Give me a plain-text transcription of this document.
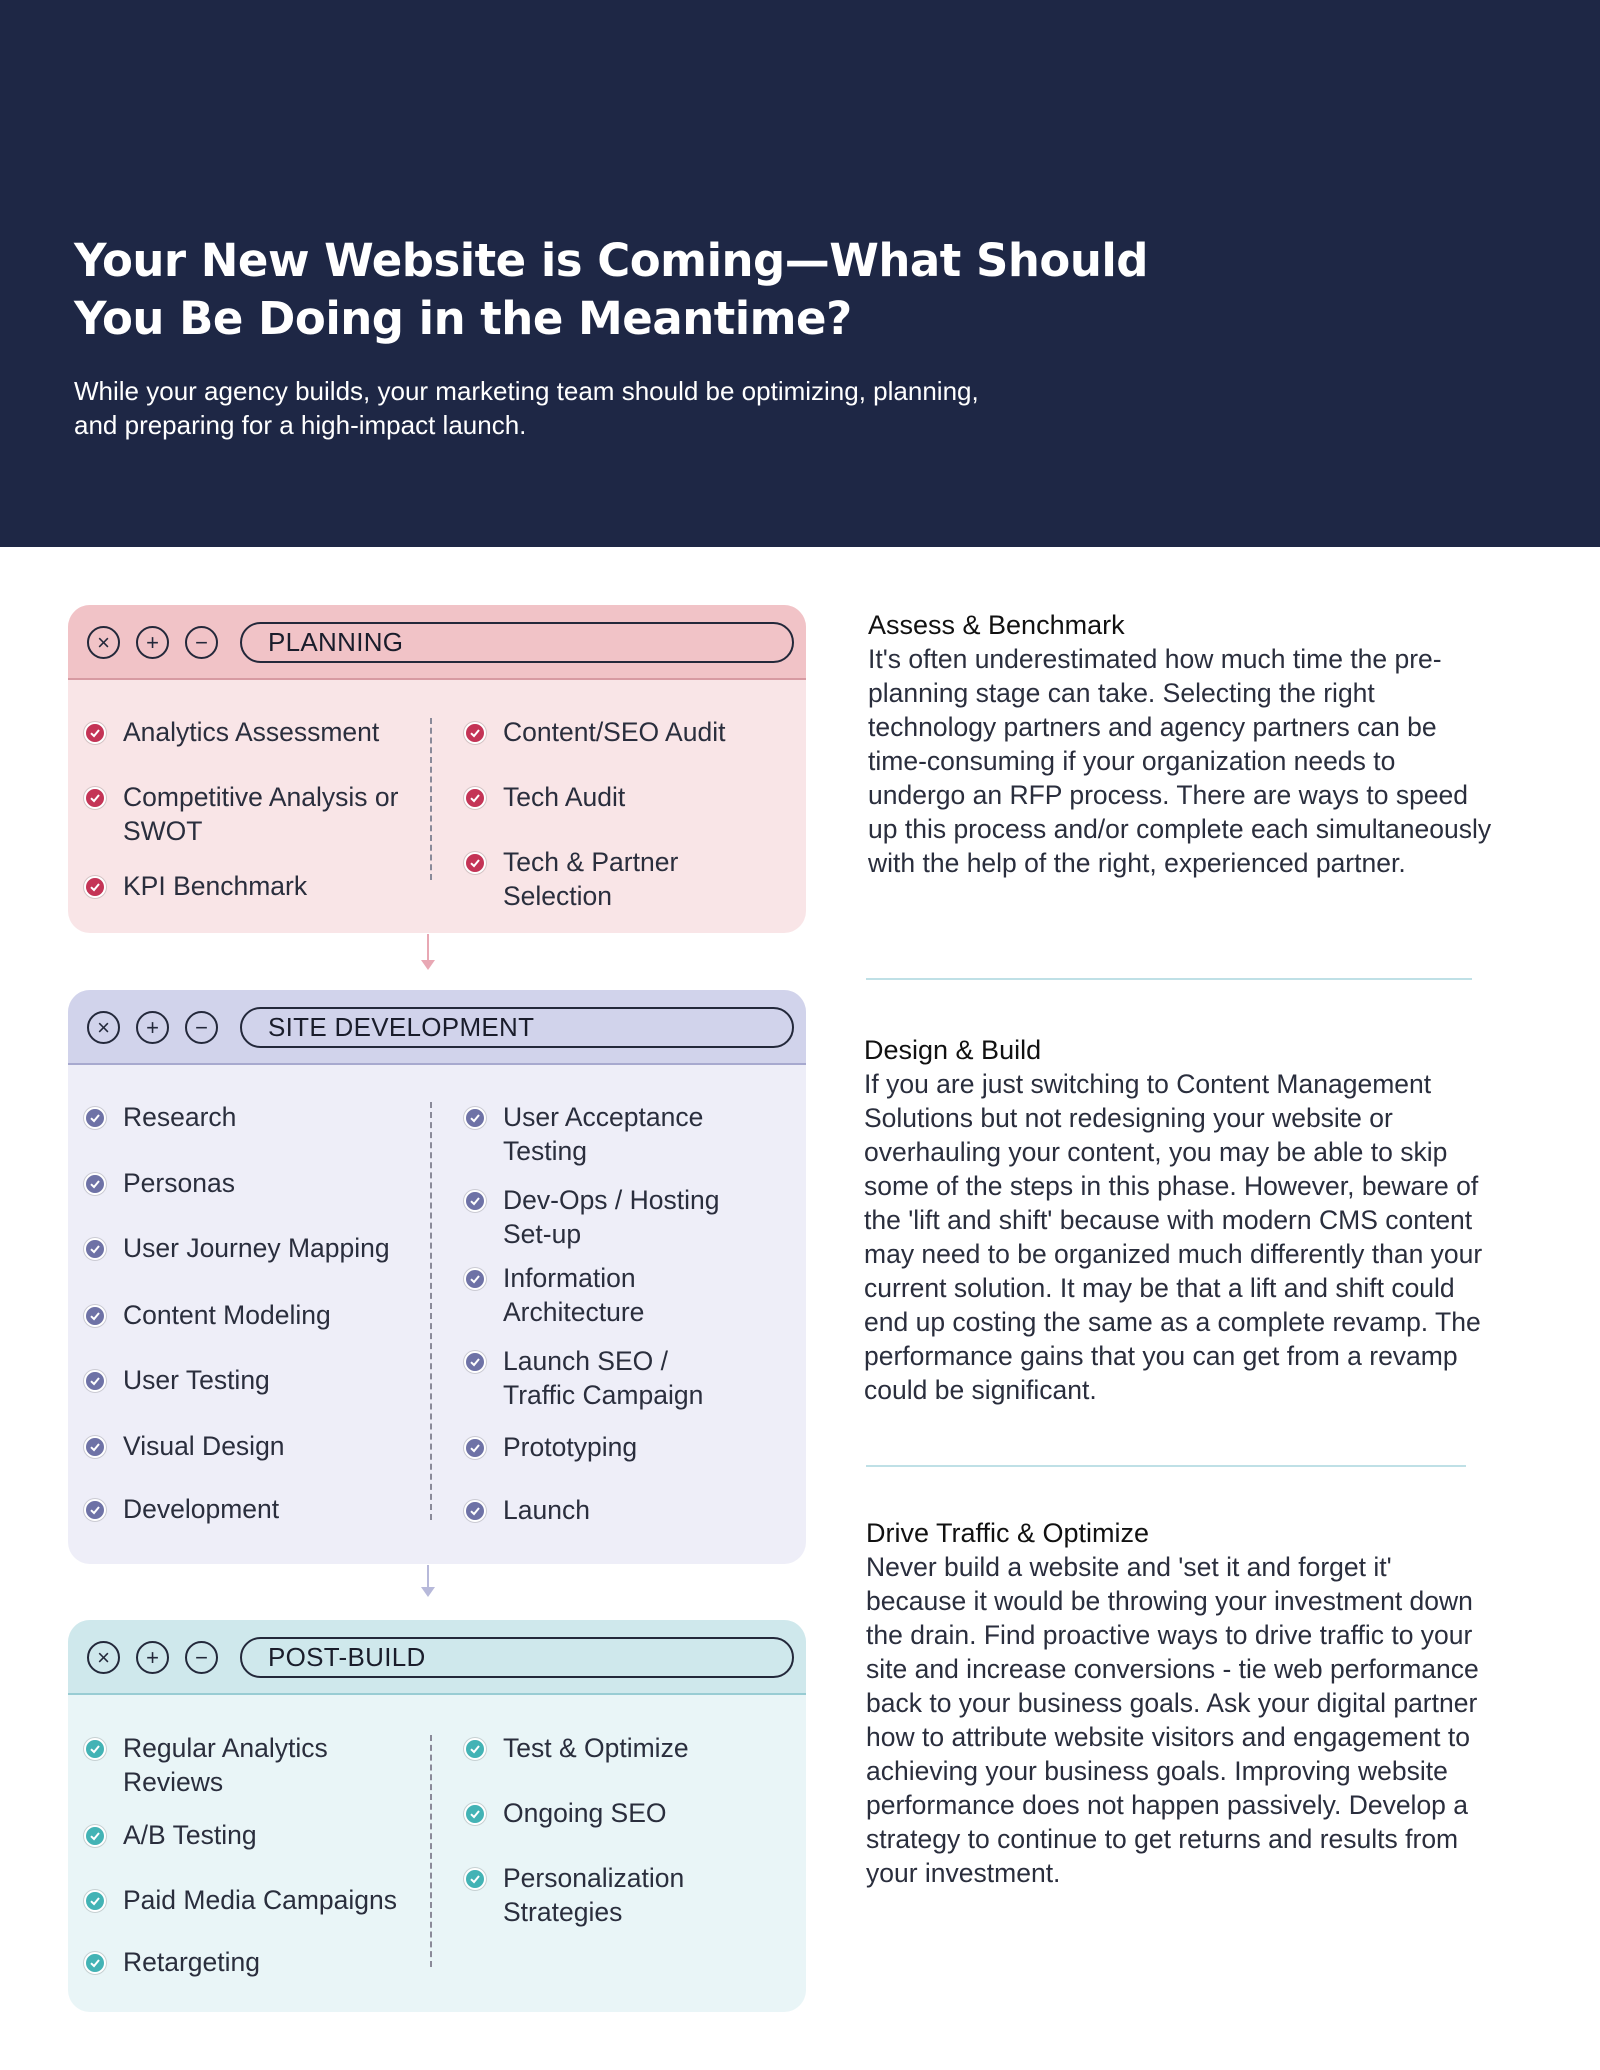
Your New Website is Coming—What Should You Be Doing in the Meantime?

While your agency builds, your marketing team should be optimizing, planning, and preparing for a high-impact launch.

×	+	−	PLANNING
Analytics Assessment
Competitive Analysis or SWOT
KPI Benchmark
Content/SEO Audit
Tech Audit
Tech & Partner Selection
×	+	−	SITE DEVELOPMENT
Research
Personas
User Journey Mapping
Content Modeling
User Testing
Visual Design
Development
User Acceptance Testing
Dev-Ops / Hosting Set-up
Information Architecture
Launch SEO / Traffic Campaign
Prototyping
Launch
×	+	−	POST-BUILD
Regular Analytics Reviews
A/B Testing
Paid Media Campaigns
Retargeting
Test & Optimize
Ongoing SEO
Personalization Strategies
Assess & Benchmark

It's often underestimated how much time the pre-planning stage can take. Selecting the right technology partners and agency partners can be time-consuming if your organization needs to undergo an RFP process. There are ways to speed up this process and/or complete each simultaneously with the help of the right, experienced partner.

Design & Build

If you are just switching to Content Management Solutions but not redesigning your website or overhauling your content, you may be able to skip some of the steps in this phase. However, beware of the 'lift and shift' because with modern CMS content may need to be organized much differently than your current solution. It may be that a lift and shift could end up costing the same as a complete revamp. The performance gains that you can get from a revamp could be significant.

Drive Traffic & Optimize

Never build a website and 'set it and forget it' because it would be throwing your investment down the drain. Find proactive ways to drive traffic to your site and increase conversions - tie web performance back to your business goals. Ask your digital partner how to attribute website visitors and engagement to achieving your business goals. Improving website performance does not happen passively. Develop a strategy to continue to get returns and results from your investment.
